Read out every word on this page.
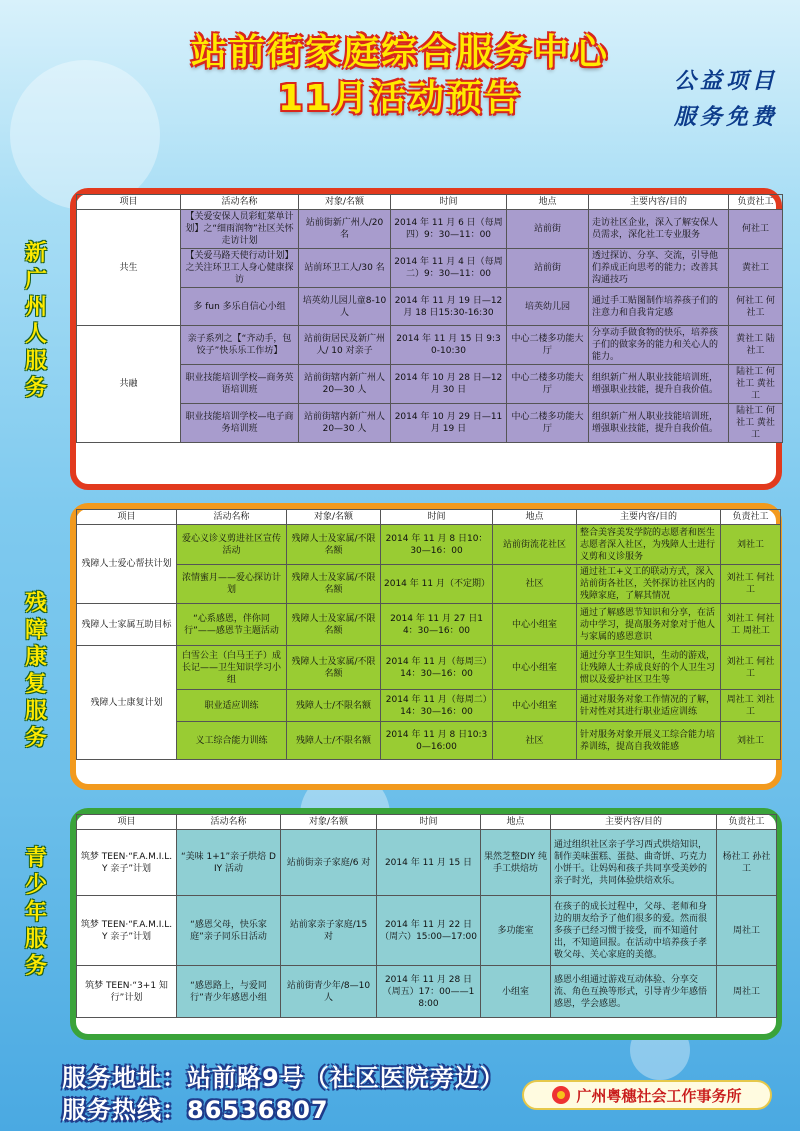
站前街家庭综合服务中心
11月活动预告	公益项目
服务免费
新
广
州
人
服
务
残
障
康
复
服
务
青
少
年
服
务
项目	活动名称	对象/名额	时间	地点	主要内容/目的	负责社工
共生	【关爱安保人员彩虹菜单计划】之“细雨润物”社区关怀走访计划	站前街新广州人/20 名	2014 年 11 月 6 日（每周四）9：30—11：00	站前街	走访社区企业，深入了解安保人员需求，深化社工专业服务	何社工
	【关爱马路天使行动计划】之关注环卫工人身心健康探访	站前环卫工人/30 名	2014 年 11 月 4 日（每周二）9：30—11：00	站前街	透过探访、分享、交流，引导他们养成正向思考的能力；改善其沟通技巧	黄社工
	多 fun 多乐自信心小组	培英幼儿园儿童8-10 人	2014 年 11 月 19 日—12 月 18 日15:30-16:30	培英幼儿园	通过手工贴图制作培养孩子们的注意力和自我肯定感	何社工 何社工
共融	亲子系列之【“齐动手，包饺子”快乐乐工作坊】	站前街居民及新广州人/ 10 对亲子	2014 年 11 月 15 日 9:30-10:30	中心二楼多功能大厅	分享动手做食物的快乐，培养孩子们的做家务的能力和关心人的能力。	黄社工 陆社工
	职业技能培训学校—商务英语培训班	站前街辖内新广州人 20—30 人	2014 年 10 月 28 日—12 月 30 日	中心二楼多功能大厅	组织新广州人职业技能培训班，增强职业技能，提升自我价值。	陆社工 何社工 黄社工
	职业技能培训学校—电子商务培训班	站前街辖内新广州人 20—30 人	2014 年 10 月 29 日—11 月 19 日	中心二楼多功能大厅	组织新广州人职业技能培训班，增强职业技能，提升自我价值。	陆社工 何社工 黄社工
项目	活动名称	对象/名额	时间	地点	主要内容/目的	负责社工
残障人士爱心帮扶计划	爱心义诊义剪进社区宣传活动	残障人士及家属/不限名额	2014 年 11 月 8 日10：30—16：00	站前街流花社区	整合美容美发学院的志愿者和医生志愿者深入社区，为残障人士进行义剪和义诊服务	刘社工
	浓情蜜月——爱心探访计划	残障人士及家属/不限名额	2014 年 11 月（不定期）	社区	通过社工+义工的联动方式，深入站前街各社区，关怀探访社区内的残障家庭，了解其情况	刘社工 何社工
残障人士家属互助目标	“心系感恩，伴你同行”——感恩节主题活动	残障人士及家属/不限名额	2014 年 11 月 27 日14：30—16：00	中心小组室	通过了解感恩节知识和分享，在活动中学习，提高服务对象对于他人与家属的感恩意识	刘社工 何社工 周社工
残障人士康复计划	白雪公主（白马王子）成长记——卫生知识学习小组	残障人士及家属/不限名额	2014 年 11 月（每周三）14：30—16：00	中心小组室	通过分享卫生知识，生动的游戏，让残障人士养成良好的个人卫生习惯以及爱护社区卫生等	刘社工 何社工
	职业适应训练	残障人士/不限名额	2014 年 11 月（每周二）14：30—16：00	中心小组室	通过对服务对象工作情况的了解，针对性对其进行职业适应训练	周社工 刘社工
	义工综合能力训练	残障人士/不限名额	2014 年 11 月 8 日10:30—16:00	社区	针对服务对象开展义工综合能力培养训练，提高自我效能感	刘社工
项目	活动名称	对象/名额	时间	地点	主要内容/目的	负责社工
筑梦 TEEN·“F.A.M.I.L.Y 亲子”计划	“美味 1+1”亲子烘焙 DIY 活动	站前街亲子家庭/6 对	2014 年 11 月 15 日	果然芝整DIY 纯手工烘焙坊	通过组织社区亲子学习西式烘焙知识，制作美味蛋糕、蛋挞、曲奇饼、巧克力小饼干。让妈妈和孩子共同享受美妙的亲子时光，共同体验烘焙欢乐。	杨社工 孙社工
筑梦 TEEN·“F.A.M.I.L.Y 亲子”计划	“感恩父母，快乐家庭”亲子同乐日活动	站前家亲子家庭/15 对	2014 年 11 月 22 日（周六）15:00—17:00	多功能室	在孩子的成长过程中，父母、老师和身边的朋友给予了他们很多的爱。然而很多孩子已经习惯于接受，而不知道付出，不知道回报。在活动中培养孩子孝敬父母、关心家庭的美德。	周社工
筑梦 TEEN·“3+1 知行”计划	“感恩路上，与爱同行”青少年感恩小组	站前街青少年/8—10 人	2014 年 11 月 28 日（周五）17：00——18:00	小组室	感恩小组通过游戏互动体验、分享交流、角色互换等形式，引导青少年感悟感恩，学会感恩。	周社工
服务地址：站前路9号（社区医院旁边）
服务热线：86536807
广州粤穗社会工作事务所
